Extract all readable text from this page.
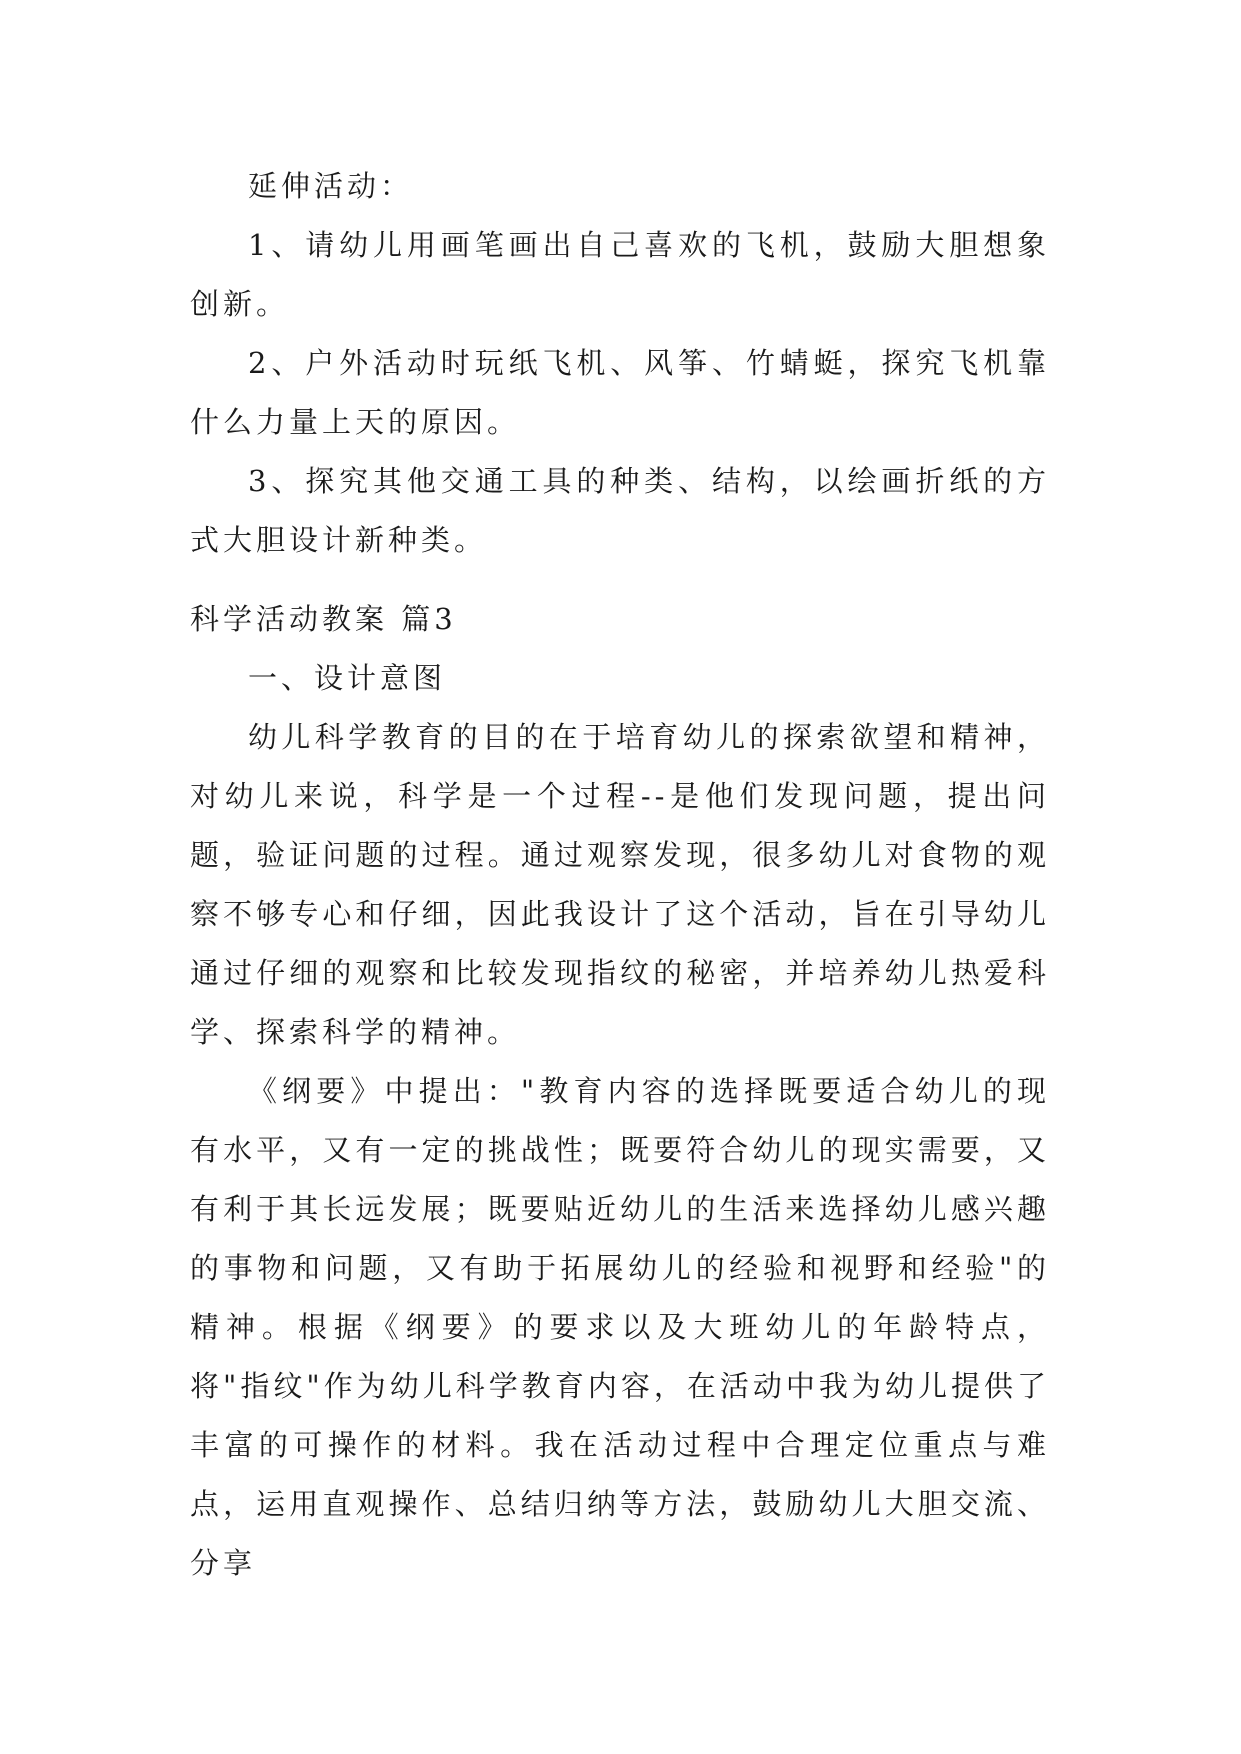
延伸活动：

1、请幼儿用画笔画出自己喜欢的飞机，鼓励大胆想象创新。

2、户外活动时玩纸飞机、风筝、竹蜻蜓，探究飞机靠什么力量上天的原因。

3、探究其他交通工具的种类、结构，以绘画折纸的方式大胆设计新种类。

科学活动教案 篇3

一、设计意图

幼儿科学教育的目的在于培育幼儿的探索欲望和精神，对幼儿来说，科学是一个过程--是他们发现问题，提出问题，验证问题的过程。通过观察发现，很多幼儿对食物的观察不够专心和仔细，因此我设计了这个活动，旨在引导幼儿通过仔细的观察和比较发现指纹的秘密，并培养幼儿热爱科学、探索科学的精神。

《纲要》中提出："教育内容的选择既要适合幼儿的现有水平，又有一定的挑战性；既要符合幼儿的现实需要，又有利于其长远发展；既要贴近幼儿的生活来选择幼儿感兴趣的事物和问题，又有助于拓展幼儿的经验和视野和经验"的精神。根据《纲要》的要求以及大班幼儿的年龄特点，将"指纹"作为幼儿科学教育内容，在活动中我为幼儿提供了丰富的可操作的材料。我在活动过程中合理定位重点与难点，运用直观操作、总结归纳等方法，鼓励幼儿大胆交流、分享
